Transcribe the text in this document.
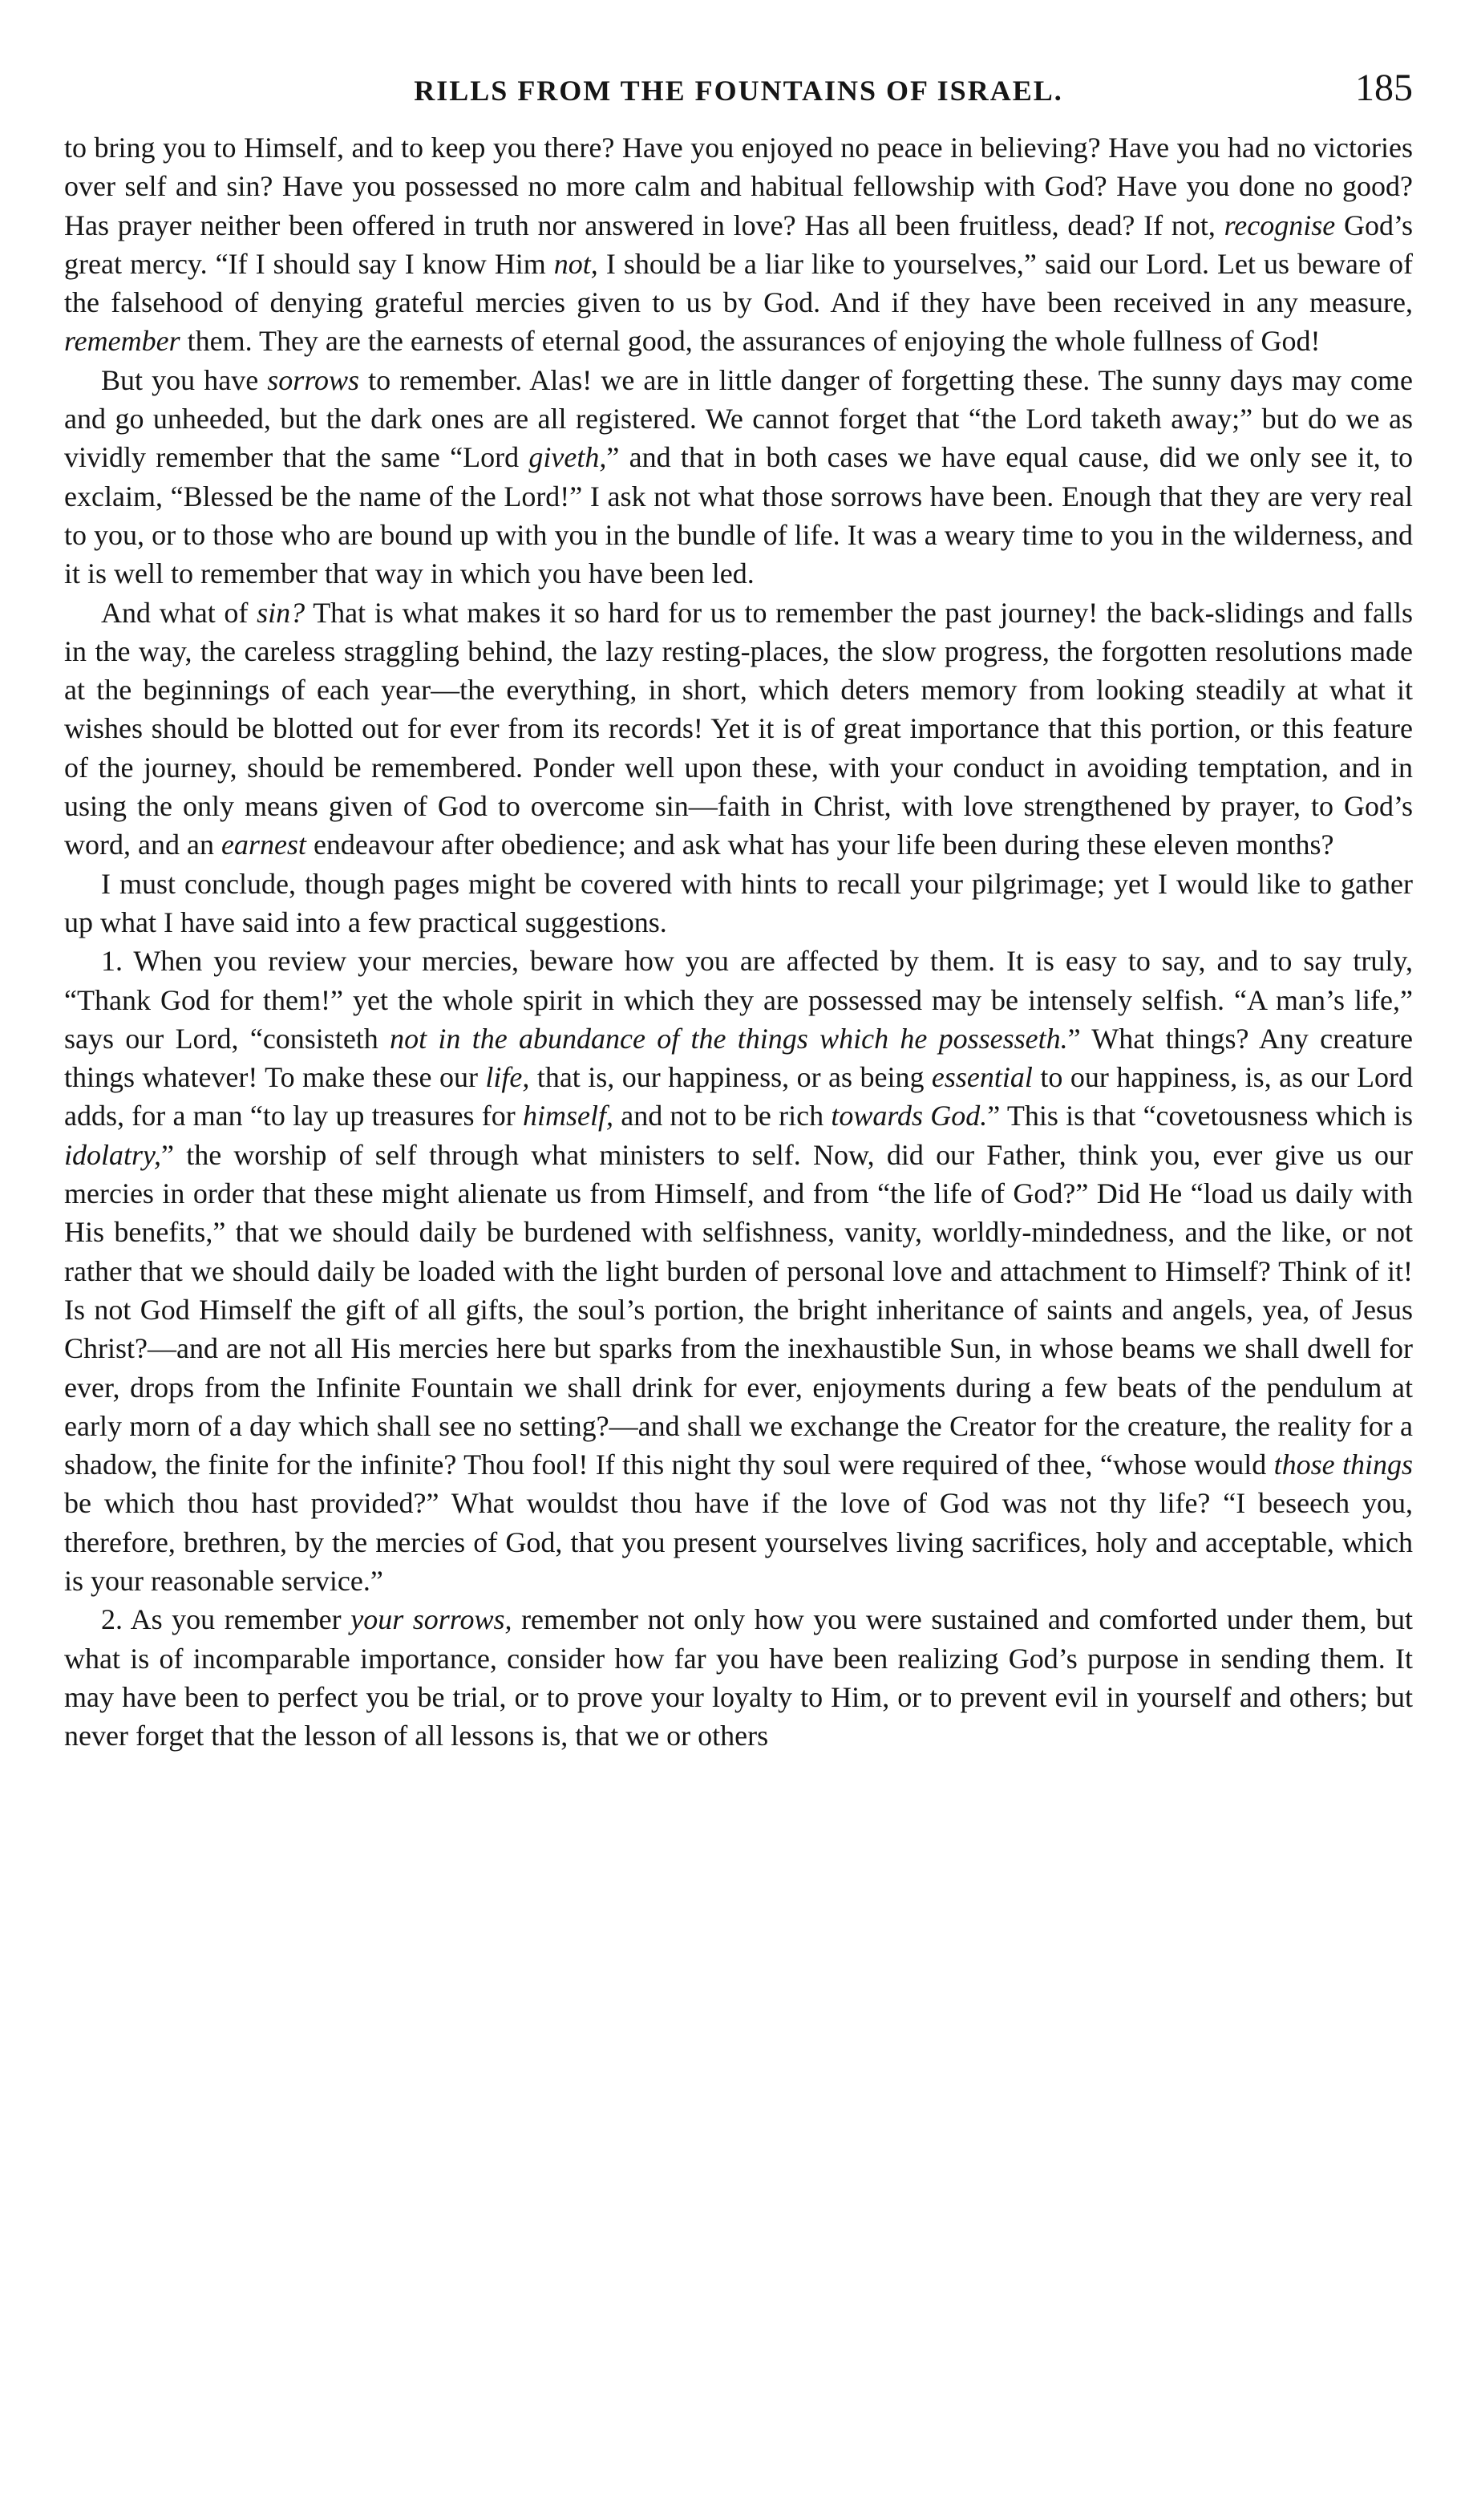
RILLS FROM THE FOUNTAINS OF ISRAEL.	185

to bring you to Himself, and to keep you there? Have you enjoyed no peace in believing? Have you had no victories over self and sin? Have you possessed no more calm and habitual fellowship with God? Have you done no good? Has prayer neither been offered in truth nor answered in love? Has all been fruitless, dead? If not, recognise God’s great mercy. “If I should say I know Him not, I should be a liar like to yourselves,” said our Lord. Let us beware of the falsehood of denying grateful mercies given to us by God. And if they have been received in any measure, remember them. They are the earnests of eternal good, the assurances of enjoying the whole fullness of God!

But you have sorrows to remember. Alas! we are in little danger of forgetting these. The sunny days may come and go unheeded, but the dark ones are all registered. We cannot forget that “the Lord taketh away;” but do we as vividly remember that the same “Lord giveth,” and that in both cases we have equal cause, did we only see it, to exclaim, “Blessed be the name of the Lord!” I ask not what those sorrows have been. Enough that they are very real to you, or to those who are bound up with you in the bundle of life. It was a weary time to you in the wilderness, and it is well to remember that way in which you have been led.

And what of sin? That is what makes it so hard for us to remember the past journey! the back-slidings and falls in the way, the careless straggling behind, the lazy resting-places, the slow progress, the forgotten resolutions made at the beginnings of each year—the everything, in short, which deters memory from looking steadily at what it wishes should be blotted out for ever from its records! Yet it is of great importance that this portion, or this feature of the journey, should be remembered. Ponder well upon these, with your conduct in avoiding temptation, and in using the only means given of God to overcome sin—faith in Christ, with love strengthened by prayer, to God’s word, and an earnest endeavour after obedience; and ask what has your life been during these eleven months?

I must conclude, though pages might be covered with hints to recall your pilgrimage; yet I would like to gather up what I have said into a few practical suggestions.

1. When you review your mercies, beware how you are affected by them. It is easy to say, and to say truly, “Thank God for them!” yet the whole spirit in which they are possessed may be intensely selfish. “A man’s life,” says our Lord, “consisteth not in the abundance of the things which he possesseth.” What things? Any creature things whatever! To make these our life, that is, our happiness, or as being essential to our happiness, is, as our Lord adds, for a man “to lay up treasures for himself, and not to be rich towards God.” This is that “covetousness which is idolatry,” the worship of self through what ministers to self. Now, did our Father, think you, ever give us our mercies in order that these might alienate us from Himself, and from “the life of God?” Did He “load us daily with His benefits,” that we should daily be burdened with selfishness, vanity, worldly-mindedness, and the like, or not rather that we should daily be loaded with the light burden of personal love and attachment to Himself? Think of it! Is not God Himself the gift of all gifts, the soul’s portion, the bright inheritance of saints and angels, yea, of Jesus Christ?—and are not all His mercies here but sparks from the inexhaustible Sun, in whose beams we shall dwell for ever, drops from the Infinite Fountain we shall drink for ever, enjoyments during a few beats of the pendulum at early morn of a day which shall see no setting?—and shall we exchange the Creator for the creature, the reality for a shadow, the finite for the infinite? Thou fool! If this night thy soul were required of thee, “whose would those things be which thou hast provided?” What wouldst thou have if the love of God was not thy life? “I beseech you, therefore, brethren, by the mercies of God, that you present yourselves living sacrifices, holy and acceptable, which is your reasonable service.”

2. As you remember your sorrows, remember not only how you were sustained and comforted under them, but what is of incomparable importance, consider how far you have been realizing God’s purpose in sending them. It may have been to perfect you be trial, or to prove your loyalty to Him, or to prevent evil in yourself and others; but never forget that the lesson of all lessons is, that we or others
